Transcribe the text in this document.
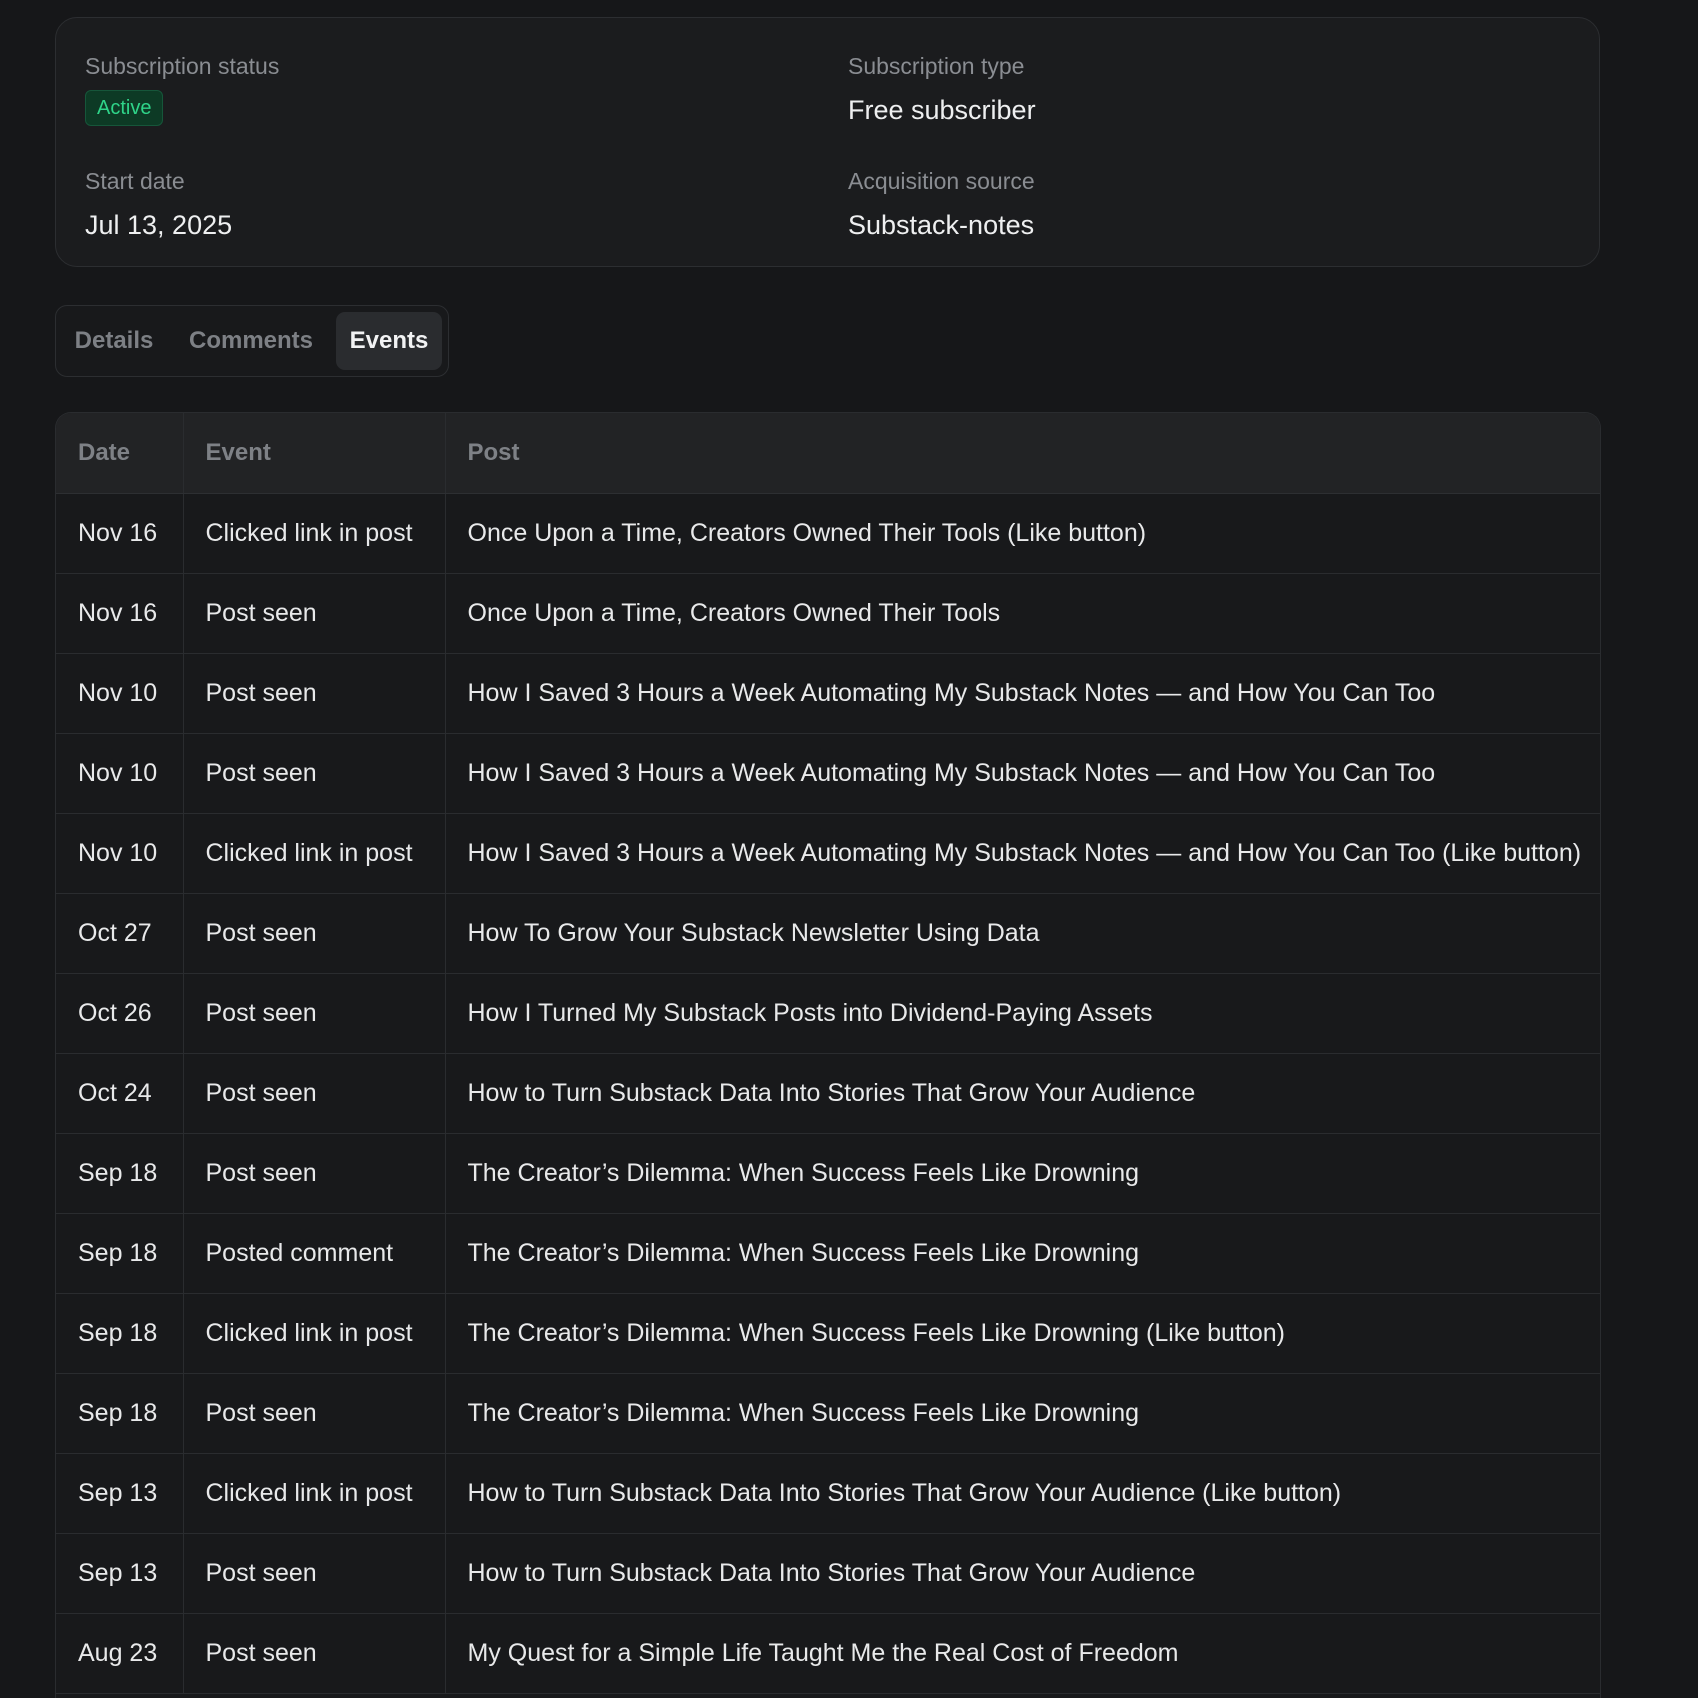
Subscription status
Active
Subscription type
Free subscriber
Start date
Jul 13, 2025
Acquisition source
Substack-notes
Details	Comments	Events
Date	Event	Post
Nov 16	Clicked link in post	Once Upon a Time, Creators Owned Their Tools (Like button)
Nov 16	Post seen	Once Upon a Time, Creators Owned Their Tools
Nov 10	Post seen	How I Saved 3 Hours a Week Automating My Substack Notes — and How You Can Too
Nov 10	Post seen	How I Saved 3 Hours a Week Automating My Substack Notes — and How You Can Too
Nov 10	Clicked link in post	How I Saved 3 Hours a Week Automating My Substack Notes — and How You Can Too (Like button)
Oct 27	Post seen	How To Grow Your Substack Newsletter Using Data
Oct 26	Post seen	How I Turned My Substack Posts into Dividend-Paying Assets
Oct 24	Post seen	How to Turn Substack Data Into Stories That Grow Your Audience
Sep 18	Post seen	The Creator’s Dilemma: When Success Feels Like Drowning
Sep 18	Posted comment	The Creator’s Dilemma: When Success Feels Like Drowning
Sep 18	Clicked link in post	The Creator’s Dilemma: When Success Feels Like Drowning (Like button)
Sep 18	Post seen	The Creator’s Dilemma: When Success Feels Like Drowning
Sep 13	Clicked link in post	How to Turn Substack Data Into Stories That Grow Your Audience (Like button)
Sep 13	Post seen	How to Turn Substack Data Into Stories That Grow Your Audience
Aug 23	Post seen	My Quest for a Simple Life Taught Me the Real Cost of Freedom
